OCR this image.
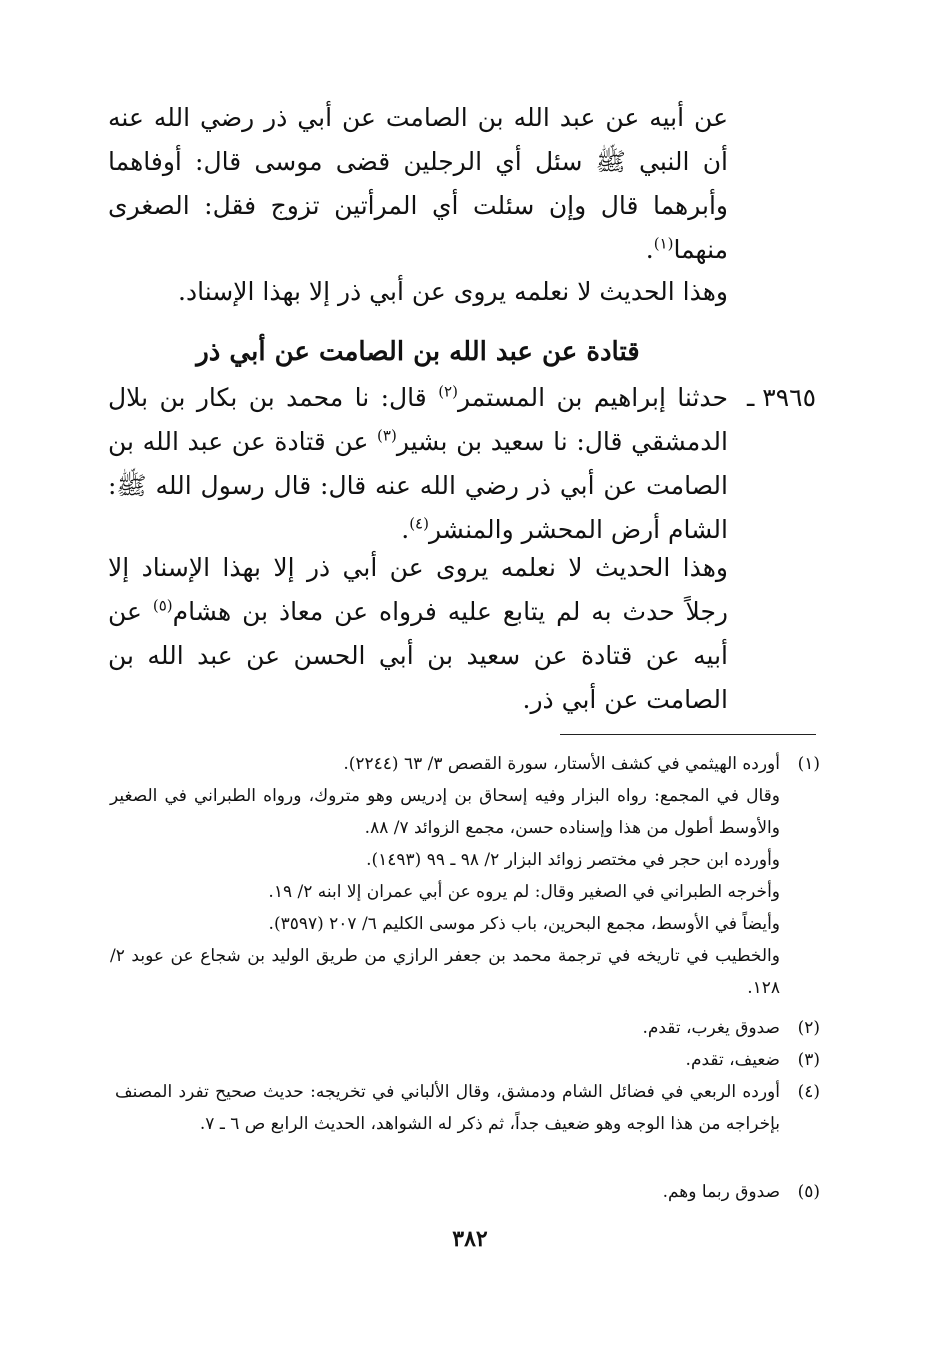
عن أبيه عن عبد الله بن الصامت عن أبي ذر رضي الله عنه أن النبي ﷺ سئل أي الرجلين قضى موسى قال: أوفاهما وأبرهما قال وإن سئلت أي المرأتين تزوج فقل: الصغرى منهما$^{(١)}$.
وهذا الحديث لا نعلمه يروى عن أبي ذر إلا بهذا الإسناد.
قتادة عن عبد الله بن الصامت عن أبي ذر
٣٩٦٥ ـ
حدثنا إبراهيم بن المستمر$^{(٢)}$ قال: نا محمد بن بكار بن بلال الدمشقي قال: نا سعيد بن بشير$^{(٣)}$ عن قتادة عن عبد الله بن الصامت عن أبي ذر رضي الله عنه قال: قال رسول الله ﷺ: الشام أرض المحشر والمنشر$^{(٤)}$.
وهذا الحديث لا نعلمه يروى عن أبي ذر إلا بهذا الإسناد إلا رجلاً حدث به لم يتابع عليه فرواه عن معاذ بن هشام$^{(٥)}$ عن أبيه عن قتادة عن سعيد بن أبي الحسن عن عبد الله بن الصامت عن أبي ذر.
(١)أورده الهيثمي في كشف الأستار، سورة القصص ٣/ ٦٣ (٢٢٤٤).
وقال في المجمع: رواه البزار وفيه إسحاق بن إدريس وهو متروك، ورواه الطبراني في الصغير والأوسط أطول من هذا وإسناده حسن، مجمع الزوائد ٧/ ٨٨.
وأورده ابن حجر في مختصر زوائد البزار ٢/ ٩٨ ـ ٩٩ (١٤٩٣).
وأخرجه الطبراني في الصغير وقال: لم يروه عن أبي عمران إلا ابنه ٢/ ١٩.
وأيضاً في الأوسط، مجمع البحرين، باب ذكر موسى الكليم ٦/ ٢٠٧ (٣٥٩٧).
والخطيب في تاريخه في ترجمة محمد بن جعفر الرازي من طريق الوليد بن شجاع عن عوبد ٢/ ١٢٨.
(٢)صدوق يغرب، تقدم.
(٣)ضعيف، تقدم.
(٤)أورده الربعي في فضائل الشام ودمشق، وقال الألباني في تخريجه: حديث صحيح تفرد المصنف بإخراجه من هذا الوجه وهو ضعيف جداً، ثم ذكر له الشواهد، الحديث الرابع ص ٦ ـ ٧.
(٥)صدوق ربما وهم.
٣٨٢
